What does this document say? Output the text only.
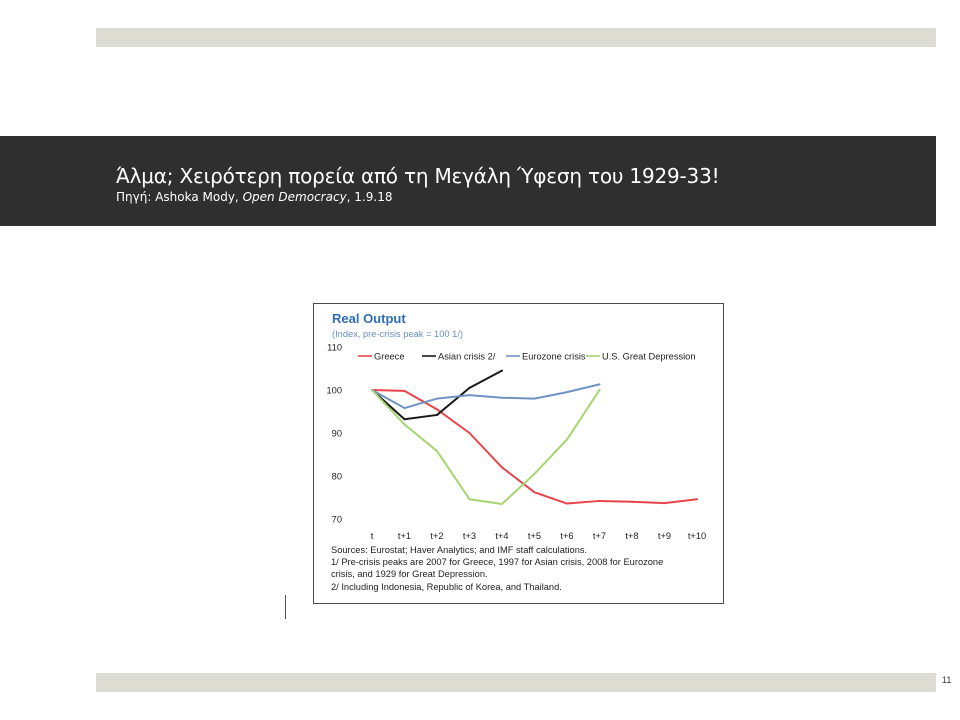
Άλμα; Χειρότερη πορεία από τη Μεγάλη Ύφεση του 1929-33!
Πηγή: Ashoka Mody, Open Democracy, 1.9.18
Real Output
(Index, pre-crisis peak = 100 1/)
70
80
90
100
110
t	t+1 t+2 t+3 t+4 t+5 t+6 t+7 t+8 t+9 t+10
Greece	Asian crisis 2/	Eurozone crisis U.S. Great Depression
Sources: Eurostat; Haver Analytics; and IMF staff calculations.
1/ Pre-crisis peaks are 2007 for Greece, 1997 for Asian crisis, 2008 for Eurozone
crisis, and 1929 for Great Depression.
2/ Including Indonesia, Republic of Korea, and Thailand.
11
